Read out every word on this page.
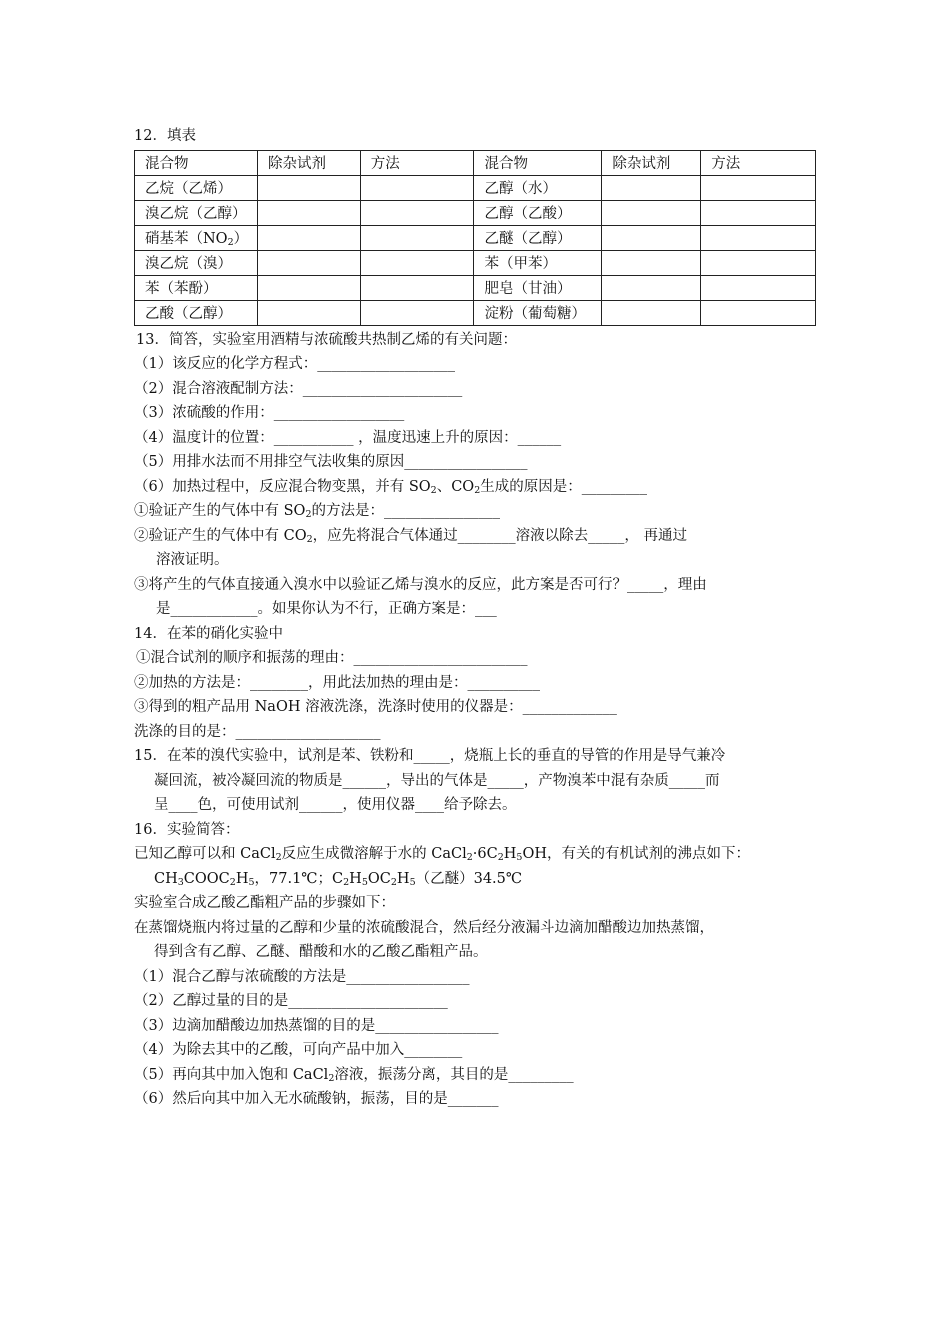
12．填表
混合物	除杂试剂	方法	混合物	除杂试剂	方法
乙烷（乙烯）			乙醇（水）		
溴乙烷（乙醇）			乙醇（乙酸）		
硝基苯$(NO_2)$			乙醚（乙醇）		
溴乙烷（溴）			苯（甲苯）		
苯（苯酚）			肥皂（甘油）		
乙酸（乙醇）			淀粉（葡萄糖）		
13．简答，实验室用酒精与浓硫酸共热制乙烯的有关问题：
（1）该反应的化学方程式：___________________
（2）混合溶液配制方法：______________________
（3）浓硫酸的作用：__________________
（4）温度计的位置：___________ ，温度迅速上升的原因：______
（5）用排水法而不用排空气法收集的原因_________________
（6）加热过程中，反应混合物变黑，并有 $SO_2$、$CO_2$生成的原因是：_________
①验证产生的气体中有 $SO_2$的方法是：________________
②验证产生的气体中有 $CO_2$，应先将混合气体通过________溶液以除去_____， 再通过
溶液证明。
③将产生的气体直接通入溴水中以验证乙烯与溴水的反应，此方案是否可行？_____，理由
是____________。如果你认为不行，正确方案是：___
14．在苯的硝化实验中
①混合试剂的顺序和振荡的理由：________________________
②加热的方法是：________，用此法加热的理由是：__________
③得到的粗产品用 NaOH 溶液洗涤，洗涤时使用的仪器是：_____________
洗涤的目的是：____________________
15．在苯的溴代实验中，试剂是苯、铁粉和_____，烧瓶上长的垂直的导管的作用是导气兼冷
凝回流，被冷凝回流的物质是______，导出的气体是_____，产物溴苯中混有杂质_____而
呈____色，可使用试剂______，使用仪器____给予除去。
16．实验简答：
已知乙醇可以和 CaCl$_2$反应生成微溶解于水的 $CaCl_2\cdot 6C_2H_5OH$，有关的有机试剂的沸点如下：
$CH_3COOC_2H_5$，77.1℃；$C_2H_5OC_2H_5$（乙醚）34.5℃
实验室合成乙酸乙酯粗产品的步骤如下：
在蒸馏烧瓶内将过量的乙醇和少量的浓硫酸混合，然后经分液漏斗边滴加醋酸边加热蒸馏，
得到含有乙醇、乙醚、醋酸和水的乙酸乙酯粗产品。
（1）混合乙醇与浓硫酸的方法是_________________
（2）乙醇过量的目的是______________________
（3）边滴加醋酸边加热蒸馏的目的是_________________
（4）为除去其中的乙酸，可向产品中加入________
（5）再向其中加入饱和 CaCl$_2$溶液，振荡分离，其目的是_________
（6）然后向其中加入无水硫酸钠，振荡，目的是_______
